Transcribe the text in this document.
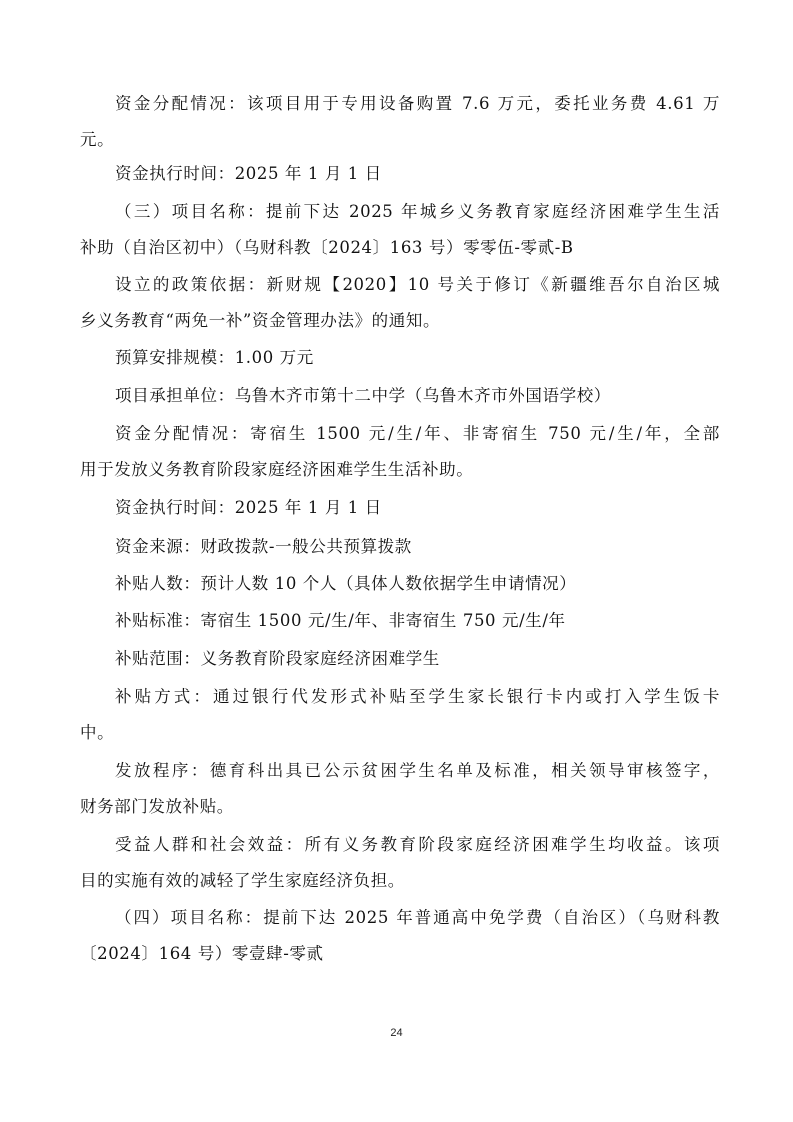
资金分配情况：该项目用于专用设备购置 7.6 万元，委托业务费 4.61 万
元。
资金执行时间：2025 年 1 月 1 日
（三）项目名称：提前下达 2025 年城乡义务教育家庭经济困难学生生活
补助（自治区初中）（乌财科教〔2024〕163 号）零零伍-零贰-B
设立的政策依据：新财规【2020】10 号关于修订《新疆维吾尔自治区城
乡义务教育“两免一补”资金管理办法》的通知。
预算安排规模：1.00 万元
项目承担单位：乌鲁木齐市第十二中学（乌鲁木齐市外国语学校）
资金分配情况：寄宿生 1500 元/生/年、非寄宿生 750 元/生/年，全部
用于发放义务教育阶段家庭经济困难学生生活补助。
资金执行时间：2025 年 1 月 1 日
资金来源：财政拨款-一般公共预算拨款
补贴人数：预计人数 10 个人（具体人数依据学生申请情况）
补贴标准：寄宿生 1500 元/生/年、非寄宿生 750 元/生/年
补贴范围：义务教育阶段家庭经济困难学生
补贴方式：通过银行代发形式补贴至学生家长银行卡内或打入学生饭卡
中。
发放程序：德育科出具已公示贫困学生名单及标准，相关领导审核签字，
财务部门发放补贴。
受益人群和社会效益：所有义务教育阶段家庭经济困难学生均收益。该项
目的实施有效的减轻了学生家庭经济负担。
（四）项目名称：提前下达 2025 年普通高中免学费（自治区）（乌财科教
〔2024〕164 号）零壹肆-零贰
24
